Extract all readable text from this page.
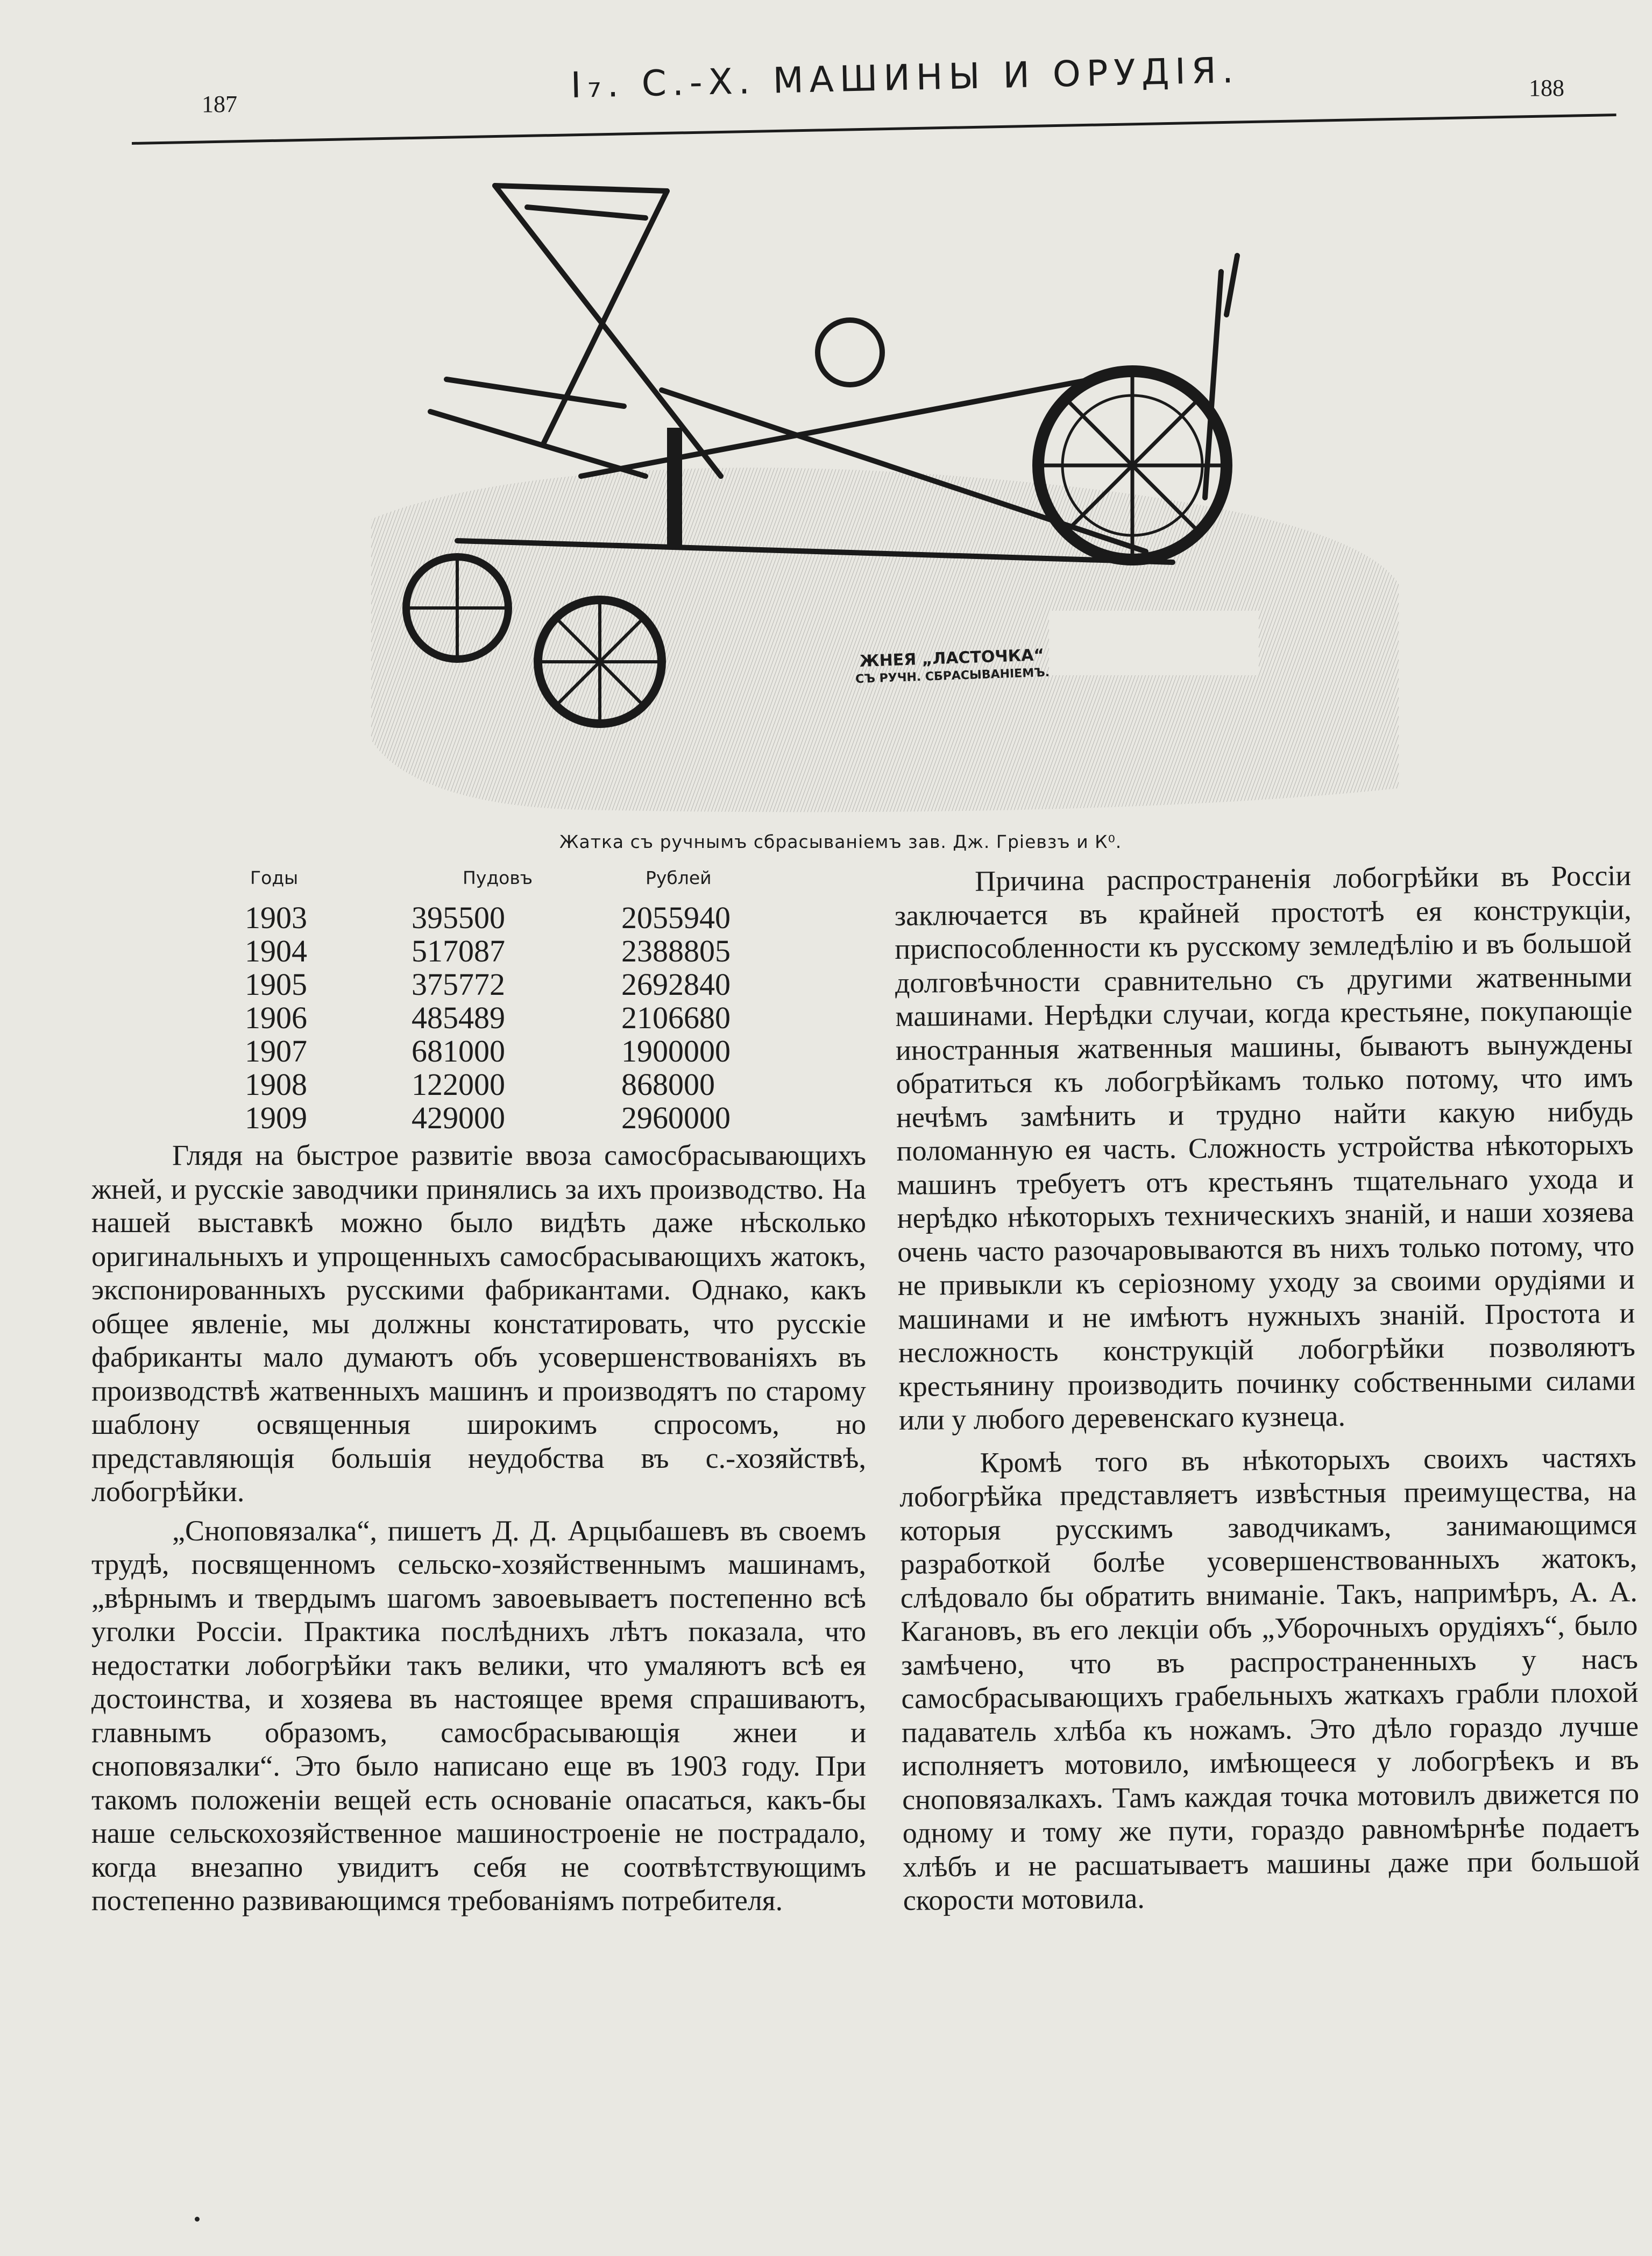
187	I₇. С.-Х. МАШИНЫ И ОРУДІЯ.	188
ЖНЕЯ „ЛАСТОЧКА“
СЪ РУЧН. СБРАСЫВАНІЕМЪ.
Жатка съ ручнымъ сбрасываніемъ зав. Дж. Гріевзъ и К⁰.
Годы	Пудовъ	Рублей
1903	395500	2055940
1904	517087	2388805
1905	375772	2692840
1906	485489	2106680
1907	681000	1900000
1908	122000	868000
1909	429000	2960000

Глядя на быстрое развитіе ввоза самосбрасывающихъ жней, и русскіе заводчики принялись за ихъ производство. На нашей выставкѣ можно было видѣть даже нѣсколько оригинальныхъ и упрощенныхъ самосбрасывающихъ жатокъ, экспонированныхъ русскими фабрикантами. Однако, какъ общее явленіе, мы должны констатировать, что русскіе фабриканты мало думаютъ объ усовершенствованіяхъ въ производствѣ жатвенныхъ машинъ и производятъ по старому шаблону освященныя широкимъ спросомъ, но представляющія большія неудобства въ с.-хозяйствѣ, лобогрѣйки.

„Сноповязалка“, пишетъ Д. Д. Арцыбашевъ въ своемъ трудѣ, посвященномъ сельско-хозяйственнымъ машинамъ, „вѣрнымъ и твердымъ шагомъ завоевываетъ постепенно всѣ уголки Россіи. Практика послѣднихъ лѣтъ показала, что недостатки лобогрѣйки такъ велики, что умаляютъ всѣ ея достоинства, и хозяева въ настоящее время спрашиваютъ, главнымъ образомъ, самосбрасывающія жнеи и сноповязалки“. Это было написано еще въ 1903 году. При такомъ положеніи вещей есть основаніе опасаться, какъ-бы наше сельскохозяйственное машиностроеніе не пострадало, когда внезапно увидитъ себя не соотвѣтствующимъ постепенно развивающимся требованіямъ потребителя.

Причина распространенія лобогрѣйки въ Россіи заключается въ крайней простотѣ ея конструкціи, приспособленности къ русскому земледѣлію и въ большой долговѣчности сравнительно съ другими жатвенными машинами. Нерѣдки случаи, когда крестьяне, покупающіе иностранныя жатвенныя машины, бываютъ вынуждены обратиться къ лобогрѣйкамъ только потому, что имъ нечѣмъ замѣнить и трудно найти какую нибудь поломанную ея часть. Сложность устройства нѣкоторыхъ машинъ требуетъ отъ крестьянъ тщательнаго ухода и нерѣдко нѣкоторыхъ техническихъ знаній, и наши хозяева очень часто разочаровываются въ нихъ только потому, что не привыкли къ серіозному уходу за своими орудіями и машинами и не имѣютъ нужныхъ знаній. Простота и несложность конструкцій лобогрѣйки позволяютъ крестьянину производить починку собственными силами или у любого деревенскаго кузнеца.

Кромѣ того въ нѣкоторыхъ своихъ частяхъ лобогрѣйка представляетъ извѣстныя преимущества, на которыя русскимъ заводчикамъ, занимающимся разработкой болѣе усовершенствованныхъ жатокъ, слѣдовало бы обратить вниманіе. Такъ, напримѣръ, А. А. Кагановъ, въ его лекціи объ „Уборочныхъ орудіяхъ“, было замѣчено, что въ распространенныхъ у насъ самосбрасывающихъ грабельныхъ жаткахъ грабли плохой падаватель хлѣба къ ножамъ. Это дѣло гораздо лучше исполняетъ мотовило, имѣющееся у лобогрѣекъ и въ сноповязалкахъ. Тамъ каждая точка мотовилъ движется по одному и тому же пути, гораздо равномѣрнѣе подаетъ хлѣбъ и не расшатываетъ машины даже при большой скорости мотовила.
